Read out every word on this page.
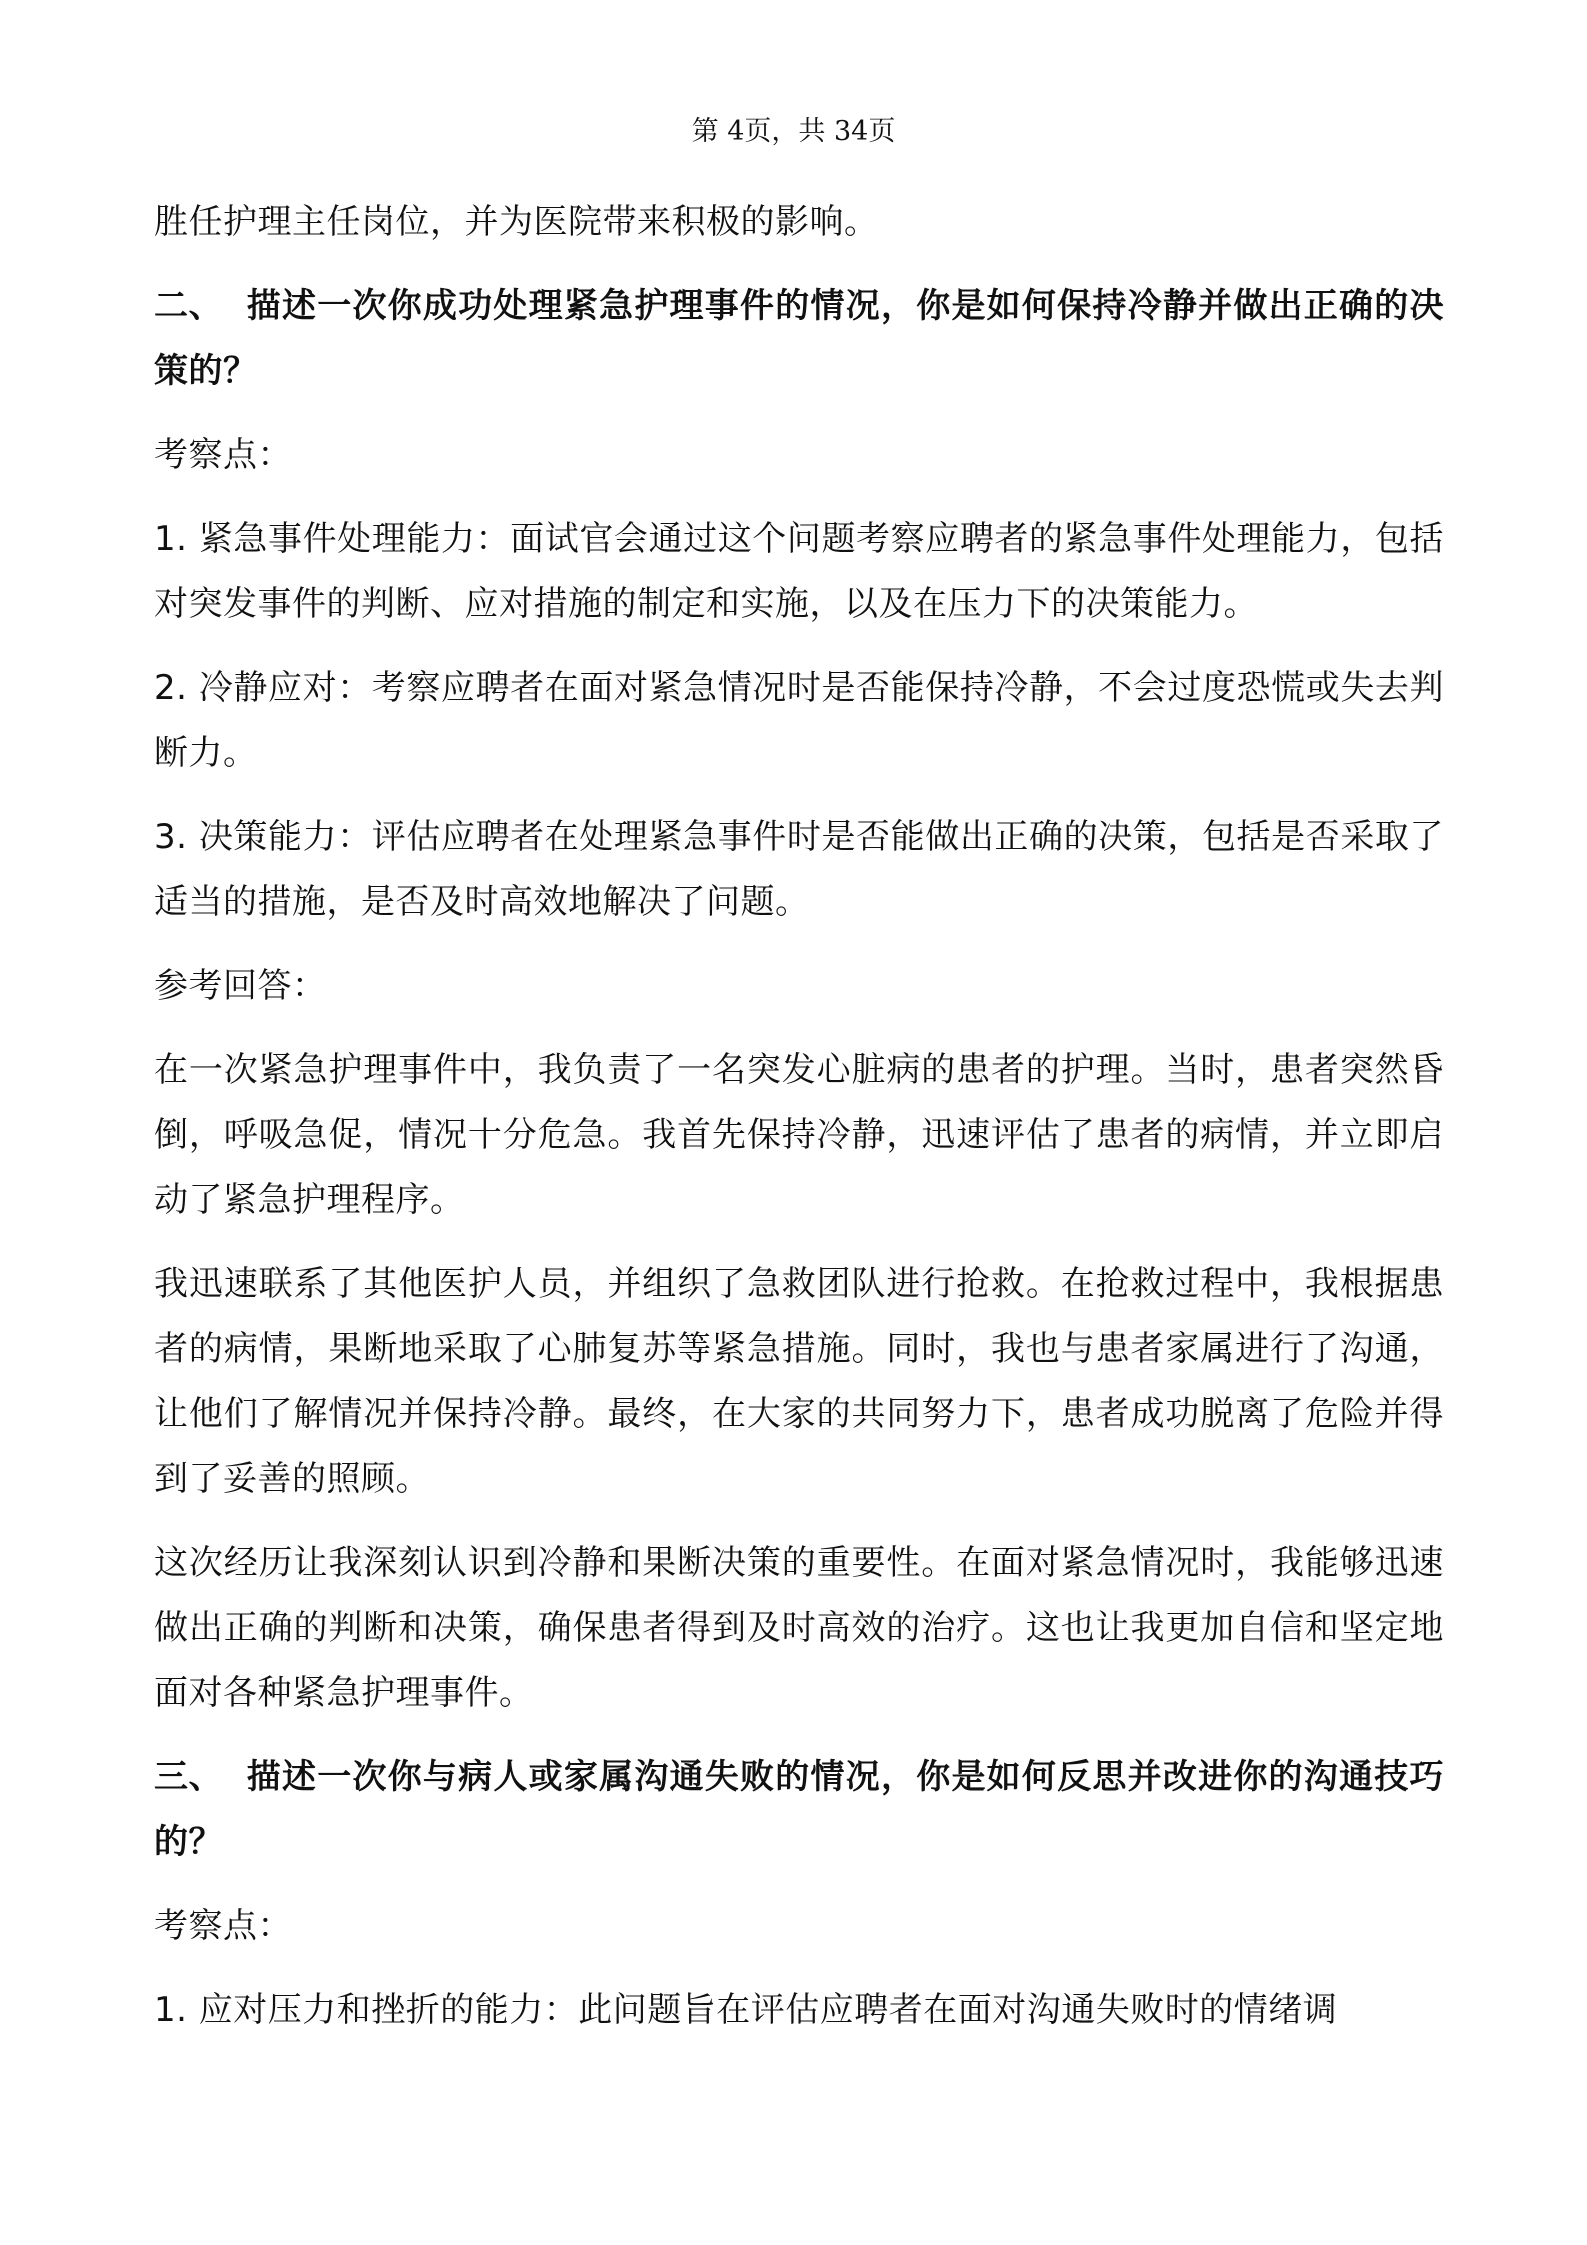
第 4页，共 34页

胜任护理主任岗位，并为医院带来积极的影响。

二、 描述一次你成功处理紧急护理事件的情况，你是如何保持冷静并做出正确的决策的？

考察点：

1. 紧急事件处理能力：面试官会通过这个问题考察应聘者的紧急事件处理能力，包括对突发事件的判断、应对措施的制定和实施，以及在压力下的决策能力。

2. 冷静应对：考察应聘者在面对紧急情况时是否能保持冷静，不会过度恐慌或失去判断力。

3. 决策能力：评估应聘者在处理紧急事件时是否能做出正确的决策，包括是否采取了适当的措施，是否及时高效地解决了问题。

参考回答：

在一次紧急护理事件中，我负责了一名突发心脏病的患者的护理。当时，患者突然昏倒，呼吸急促，情况十分危急。我首先保持冷静，迅速评估了患者的病情，并立即启动了紧急护理程序。

我迅速联系了其他医护人员，并组织了急救团队进行抢救。在抢救过程中，我根据患者的病情，果断地采取了心肺复苏等紧急措施。同时，我也与患者家属进行了沟通，让他们了解情况并保持冷静。最终，在大家的共同努力下，患者成功脱离了危险并得到了妥善的照顾。

这次经历让我深刻认识到冷静和果断决策的重要性。在面对紧急情况时，我能够迅速做出正确的判断和决策，确保患者得到及时高效的治疗。这也让我更加自信和坚定地面对各种紧急护理事件。

三、 描述一次你与病人或家属沟通失败的情况，你是如何反思并改进你的沟通技巧的？

考察点：

1. 应对压力和挫折的能力：此问题旨在评估应聘者在面对沟通失败时的情绪调
